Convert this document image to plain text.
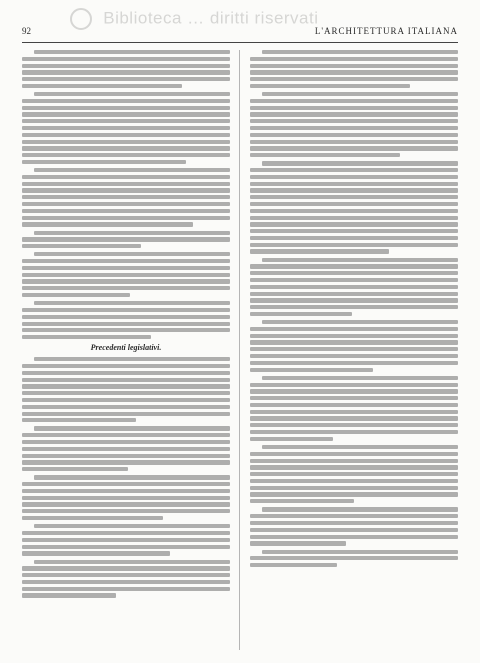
Biblioteca … diritti riservati
92	L'ARCHITETTURA ITALIANA
Precedenti legislativi.
